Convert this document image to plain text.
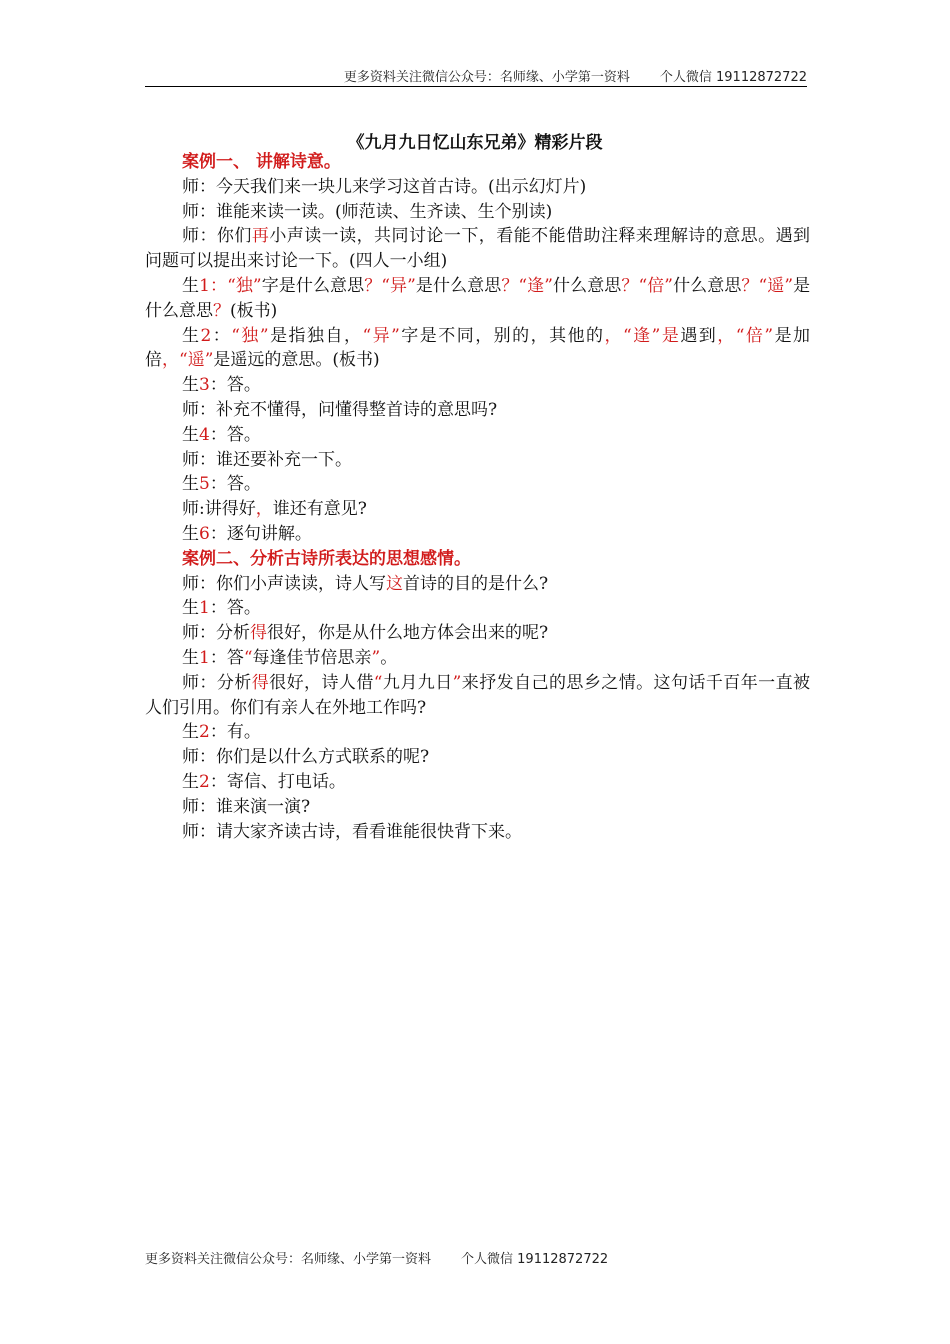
更多资料关注微信公众号：名师缘、小学第一资料 个人微信 19112872722
《九月九日忆山东兄弟》精彩片段

案例一、 讲解诗意。

师：今天我们来一块儿来学习这首古诗。(出示幻灯片)

师：谁能来读一读。(师范读、生齐读、生个别读)

师：你们再小声读一读，共同讨论一下，看能不能借助注释来理解诗的意思。遇到问题可以提出来讨论一下。(四人一小组)

生1：“独”字是什么意思？“异”是什么意思？“逢”什么意思？“倍”什么意思？“遥”是什么意思？(板书)

生2：“独”是指独自，“异”字是不同，别的，其他的，“逢”是遇到，“倍”是加倍，“遥”是遥远的意思。(板书)

生3：答。

师：补充不懂得，问懂得整首诗的意思吗?

生4：答。

师：谁还要补充一下。

生5：答。

师:讲得好，谁还有意见?

生6：逐句讲解。

案例二、分析古诗所表达的思想感情。

师：你们小声读读，诗人写这首诗的目的是什么?

生1：答。

师：分析得很好，你是从什么地方体会出来的呢?

生1：答“每逢佳节倍思亲”。

师：分析得很好，诗人借“九月九日”来抒发自己的思乡之情。这句话千百年一直被人们引用。你们有亲人在外地工作吗?

生2：有。

师：你们是以什么方式联系的呢?

生2：寄信、打电话。

师：谁来演一演?

师：请大家齐读古诗，看看谁能很快背下来。

更多资料关注微信公众号：名师缘、小学第一资料 个人微信 19112872722
